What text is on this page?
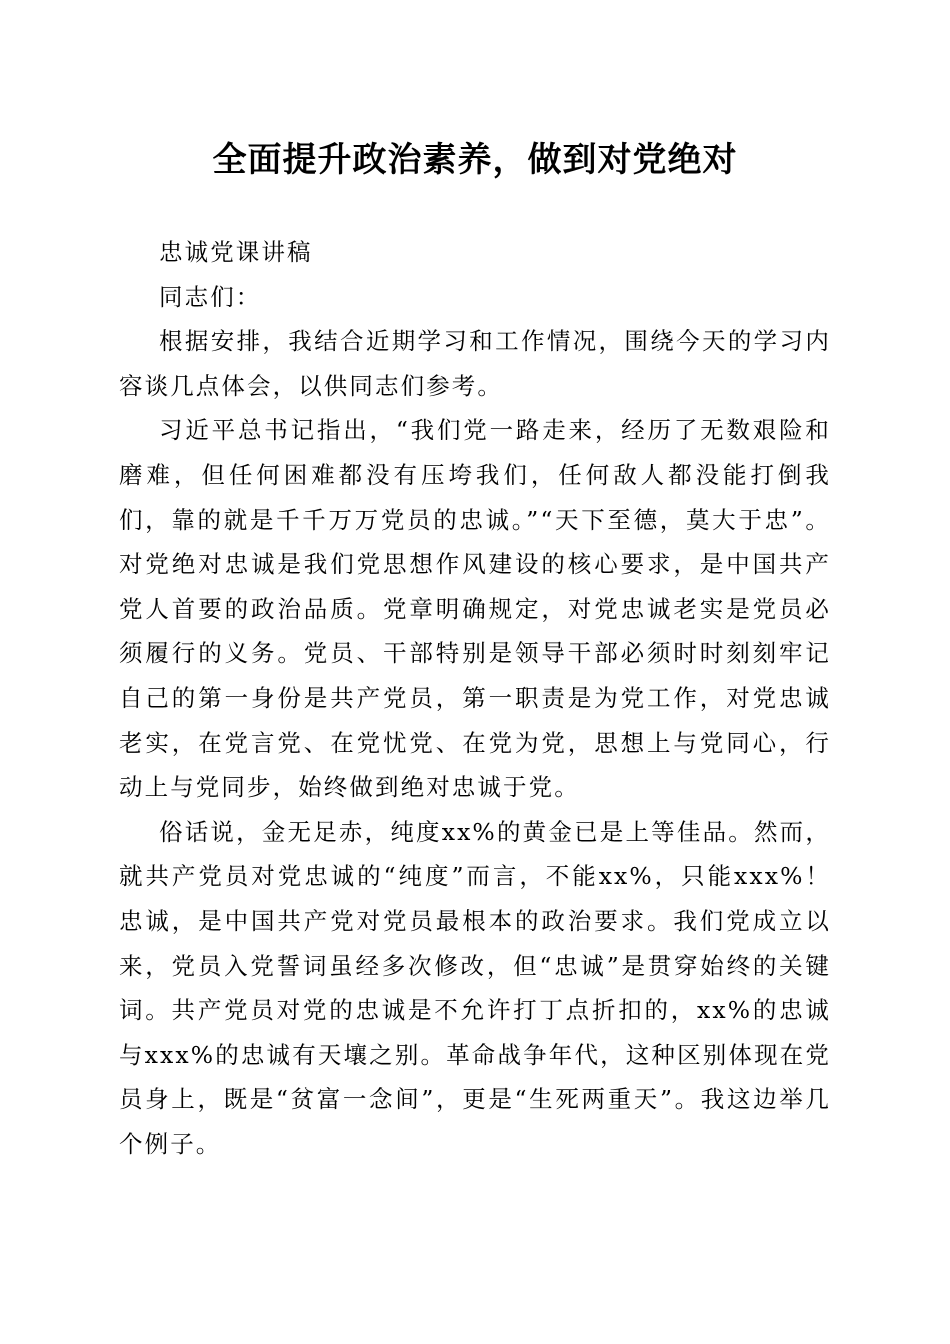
全面提升政治素养，做到对党绝对

忠诚党课讲稿

同志们：

根据安排，我结合近期学习和工作情况，围绕今天的学习内容谈几点体会，以供同志们参考。

习近平总书记指出，“我们党一路走来，经历了无数艰险和磨难，但任何困难都没有压垮我们，任何敌人都没能打倒我们，靠的就是千千万万党员的忠诚。”“天下至德，莫大于忠”。对党绝对忠诚是我们党思想作风建设的核心要求，是中国共产党人首要的政治品质。党章明确规定，对党忠诚老实是党员必须履行的义务。党员、干部特别是领导干部必须时时刻刻牢记自己的第一身份是共产党员，第一职责是为党工作，对党忠诚老实，在党言党、在党忧党、在党为党，思想上与党同心，行动上与党同步，始终做到绝对忠诚于党。

俗话说，金无足赤，纯度xx%的黄金已是上等佳品。然而，就共产党员对党忠诚的“纯度”而言，不能xx%，只能xxx%！忠诚，是中国共产党对党员最根本的政治要求。我们党成立以来，党员入党誓词虽经多次修改，但“忠诚”是贯穿始终的关键词。共产党员对党的忠诚是不允许打丁点折扣的，xx%的忠诚与xxx%的忠诚有天壤之别。革命战争年代，这种区别体现在党员身上，既是“贫富一念间”，更是“生死两重天”。我这边举几个例子。
